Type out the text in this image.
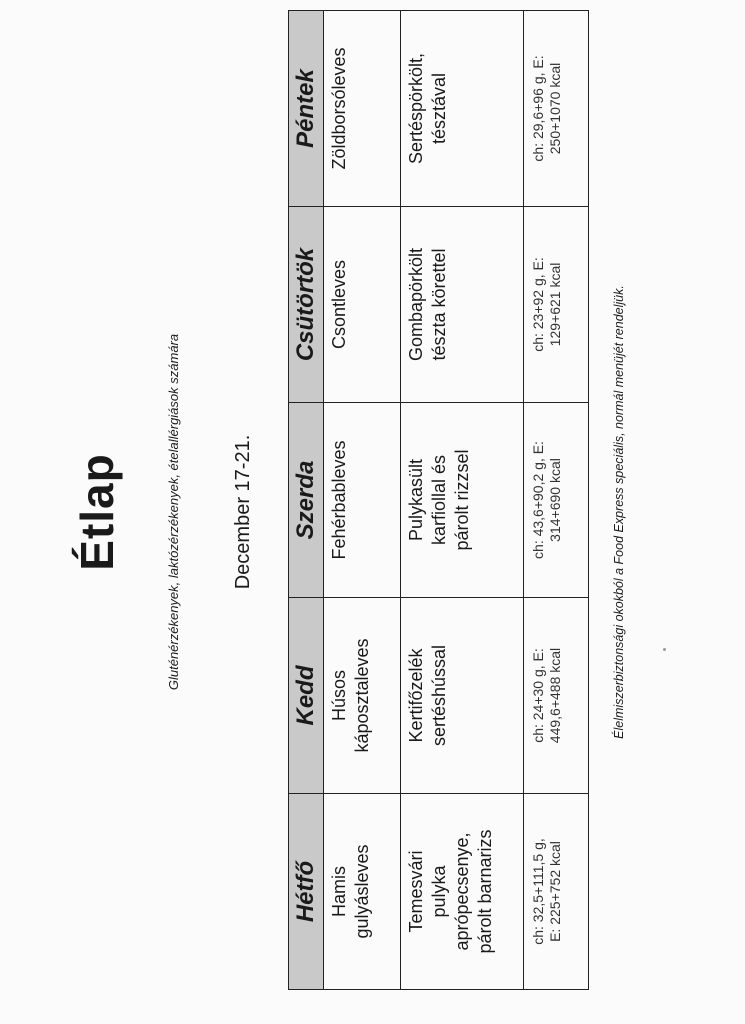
Étlap	Gluténérzékenyek, laktózérzékenyek, ételallérgiások számára	December 17-21.
Hétfő	Kedd	Szerda	Csütörtök	Péntek
Hamis
gulyásleves	Húsos
káposztaleves	Fehérbableves	Csontleves	Zöldborsóleves
Temesvári
pulyka
aprópecsenye,
párolt barnarizs	Kertifőzelék
sertéshússal	Pulykasült
karfiollal és
párolt rizzsel	Gombapörkölt
tészta körettel	Sertéspörkölt,
tésztával
ch: 32,5+111,5 g,
E: 225+752 kcal	ch: 24+30 g, E:
449,6+488 kcal	ch: 43,6+90,2 g, E:
314+690 kcal	ch: 23+92 g, E:
129+621 kcal	ch: 29,6+96 g, E:
250+1070 kcal
Élelmiszerbiztonsági okokból a Food Express speciális, normál menüjét rendeljük.
